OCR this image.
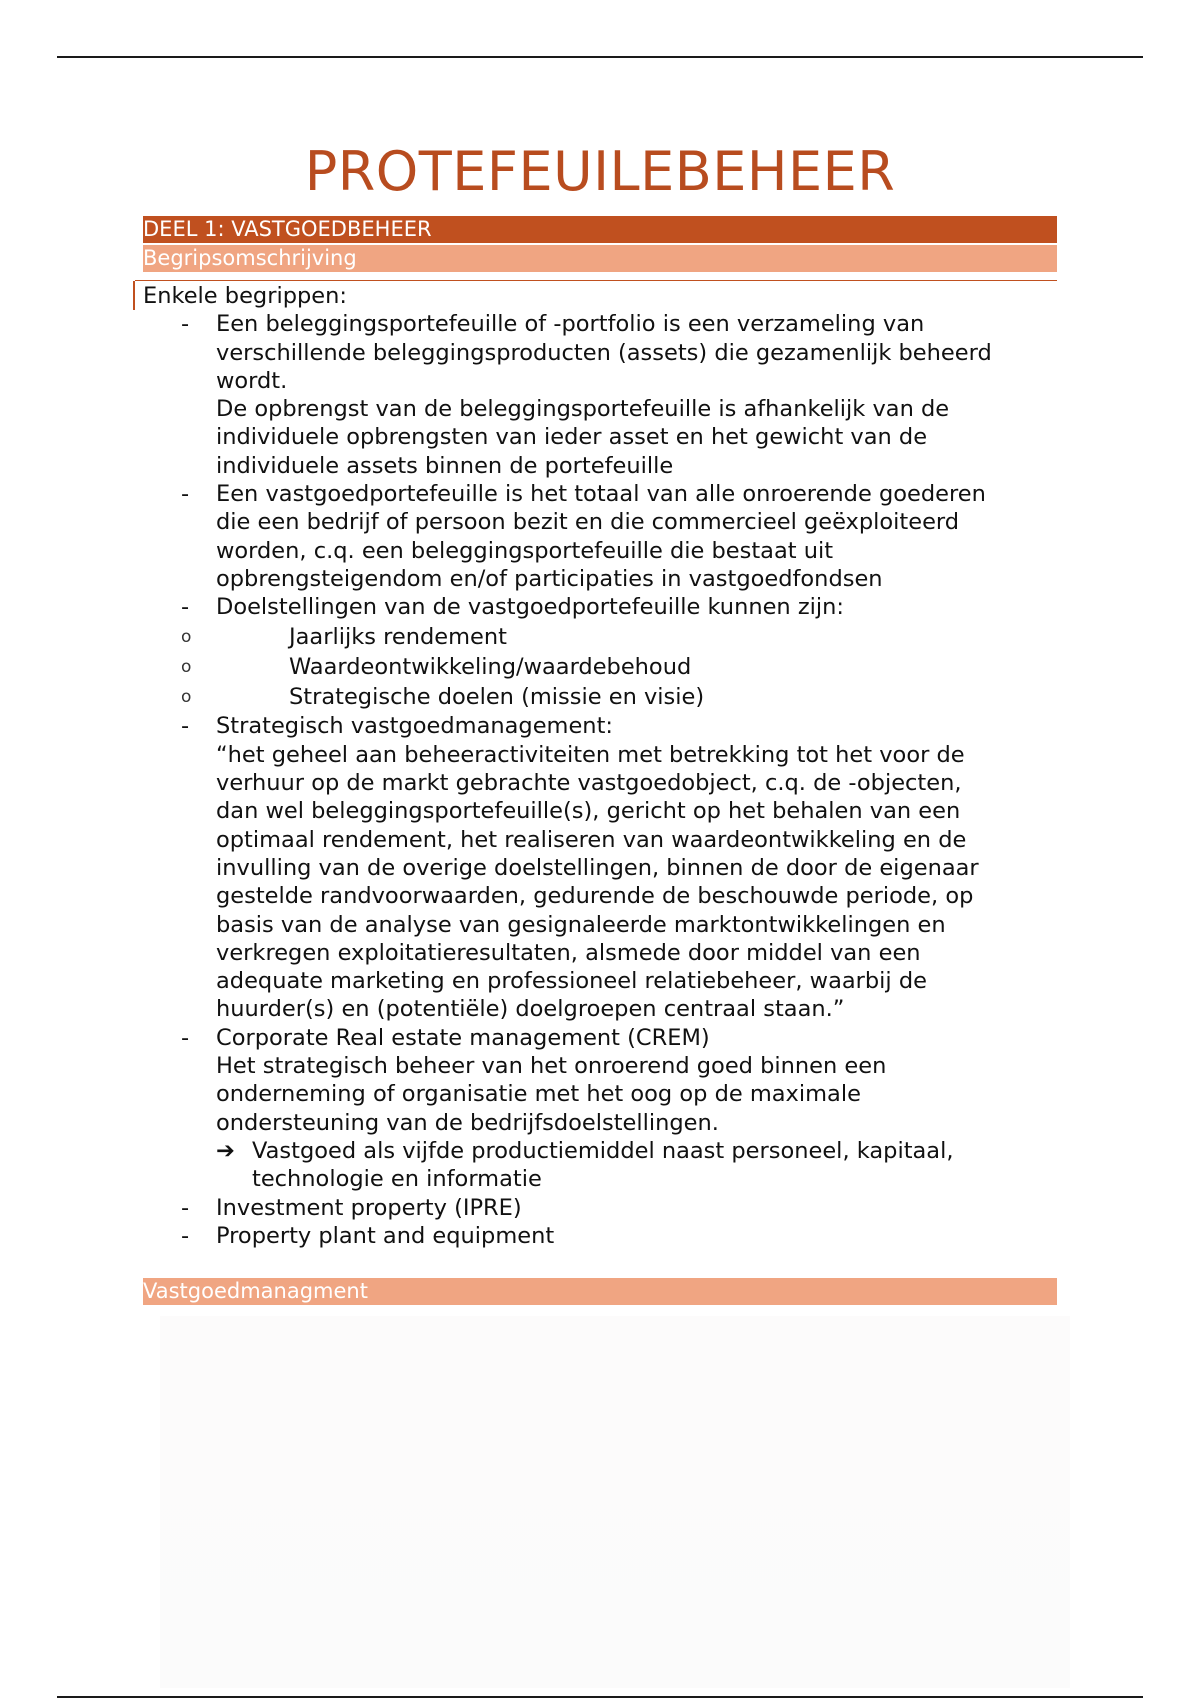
PROTEFEUILEBEHEER
DEEL 1: VASTGOEDBEHEER
Begripsomschrijving

Enkele begrippen:

- Een beleggingsportefeuille of -portfolio is een verzameling van
verschillende beleggingsproducten (assets) die gezamenlijk beheerd
wordt.
De opbrengst van de beleggingsportefeuille is afhankelijk van de
individuele opbrengsten van ieder asset en het gewicht van de
individuele assets binnen de portefeuille
- Een vastgoedportefeuille is het totaal van alle onroerende goederen
die een bedrijf of persoon bezit en die commercieel geëxploiteerd
worden, c.q. een beleggingsportefeuille die bestaat uit
opbrengsteigendom en/of participaties in vastgoedfondsen
- Doelstellingen van de vastgoedportefeuille kunnen zijn:
o	Jaarlijks rendement
o	Waardeontwikkeling/waardebehoud
o	Strategische doelen (missie en visie)
- Strategisch vastgoedmanagement:
“het geheel aan beheeractiviteiten met betrekking tot het voor de
verhuur op de markt gebrachte vastgoedobject, c.q. de -objecten,
dan wel beleggingsportefeuille(s), gericht op het behalen van een
optimaal rendement, het realiseren van waardeontwikkeling en de
invulling van de overige doelstellingen, binnen de door de eigenaar
gestelde randvoorwaarden, gedurende de beschouwde periode, op
basis van de analyse van gesignaleerde marktontwikkelingen en
verkregen exploitatieresultaten, alsmede door middel van een
adequate marketing en professioneel relatiebeheer, waarbij de
huurder(s) en (potentiële) doelgroepen centraal staan.”
- Corporate Real estate management (CREM)
Het strategisch beheer van het onroerend goed binnen een
onderneming of organisatie met het oog op de maximale
ondersteuning van de bedrijfsdoelstellingen.
➔ Vastgoed als vijfde productiemiddel naast personeel, kapitaal,
technologie en informatie
- Investment property (IPRE)
- Property plant and equipment
Vastgoedmanagment
